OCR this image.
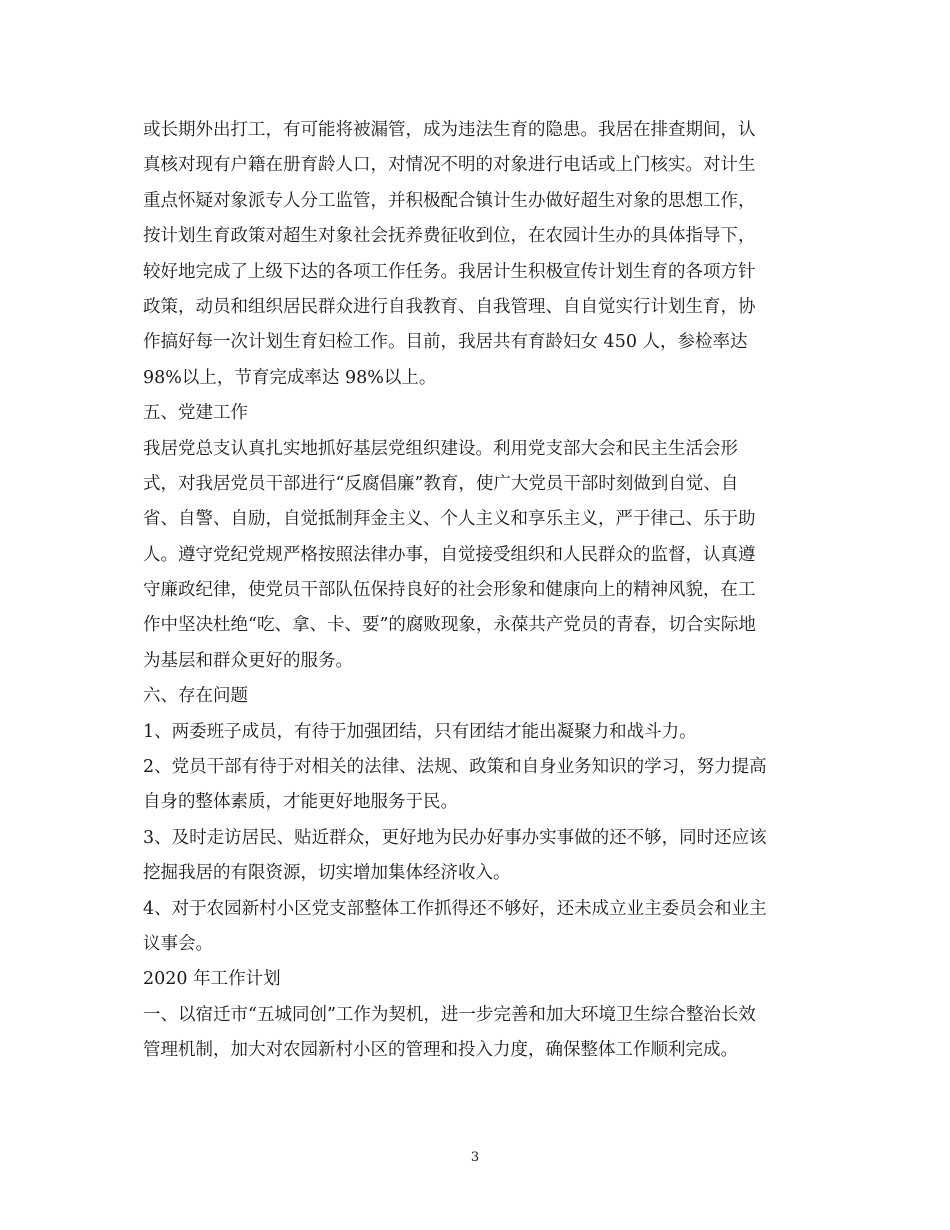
或长期外出打工，有可能将被漏管，成为违法生育的隐患。我居在排查期间，认
真核对现有户籍在册育龄人口，对情况不明的对象进行电话或上门核实。对计生
重点怀疑对象派专人分工监管，并积极配合镇计生办做好超生对象的思想工作，
按计划生育政策对超生对象社会抚养费征收到位，在农园计生办的具体指导下，
较好地完成了上级下达的各项工作任务。我居计生积极宣传计划生育的各项方针
政策，动员和组织居民群众进行自我教育、自我管理、自自觉实行计划生育，协
作搞好每一次计划生育妇检工作。目前，我居共有育龄妇女 450 人，参检率达
98%以上，节育完成率达 98%以上。
五、党建工作
我居党总支认真扎实地抓好基层党组织建设。利用党支部大会和民主生活会形
式，对我居党员干部进行“反腐倡廉”教育，使广大党员干部时刻做到自觉、自
省、自警、自励，自觉抵制拜金主义、个人主义和享乐主义，严于律己、乐于助
人。遵守党纪党规严格按照法律办事，自觉接受组织和人民群众的监督，认真遵
守廉政纪律，使党员干部队伍保持良好的社会形象和健康向上的精神风貌，在工
作中坚决杜绝“吃、拿、卡、要”的腐败现象，永葆共产党员的青春，切合实际地
为基层和群众更好的服务。
六、存在问题
1、两委班子成员，有待于加强团结，只有团结才能出凝聚力和战斗力。
2、党员干部有待于对相关的法律、法规、政策和自身业务知识的学习，努力提高
自身的整体素质，才能更好地服务于民。
3、及时走访居民、贴近群众，更好地为民办好事办实事做的还不够，同时还应该
挖掘我居的有限资源，切实增加集体经济收入。
4、对于农园新村小区党支部整体工作抓得还不够好，还未成立业主委员会和业主
议事会。
2020 年工作计划
一、以宿迁市“五城同创”工作为契机，进一步完善和加大环境卫生综合整治长效
管理机制，加大对农园新村小区的管理和投入力度，确保整体工作顺利完成。
3
